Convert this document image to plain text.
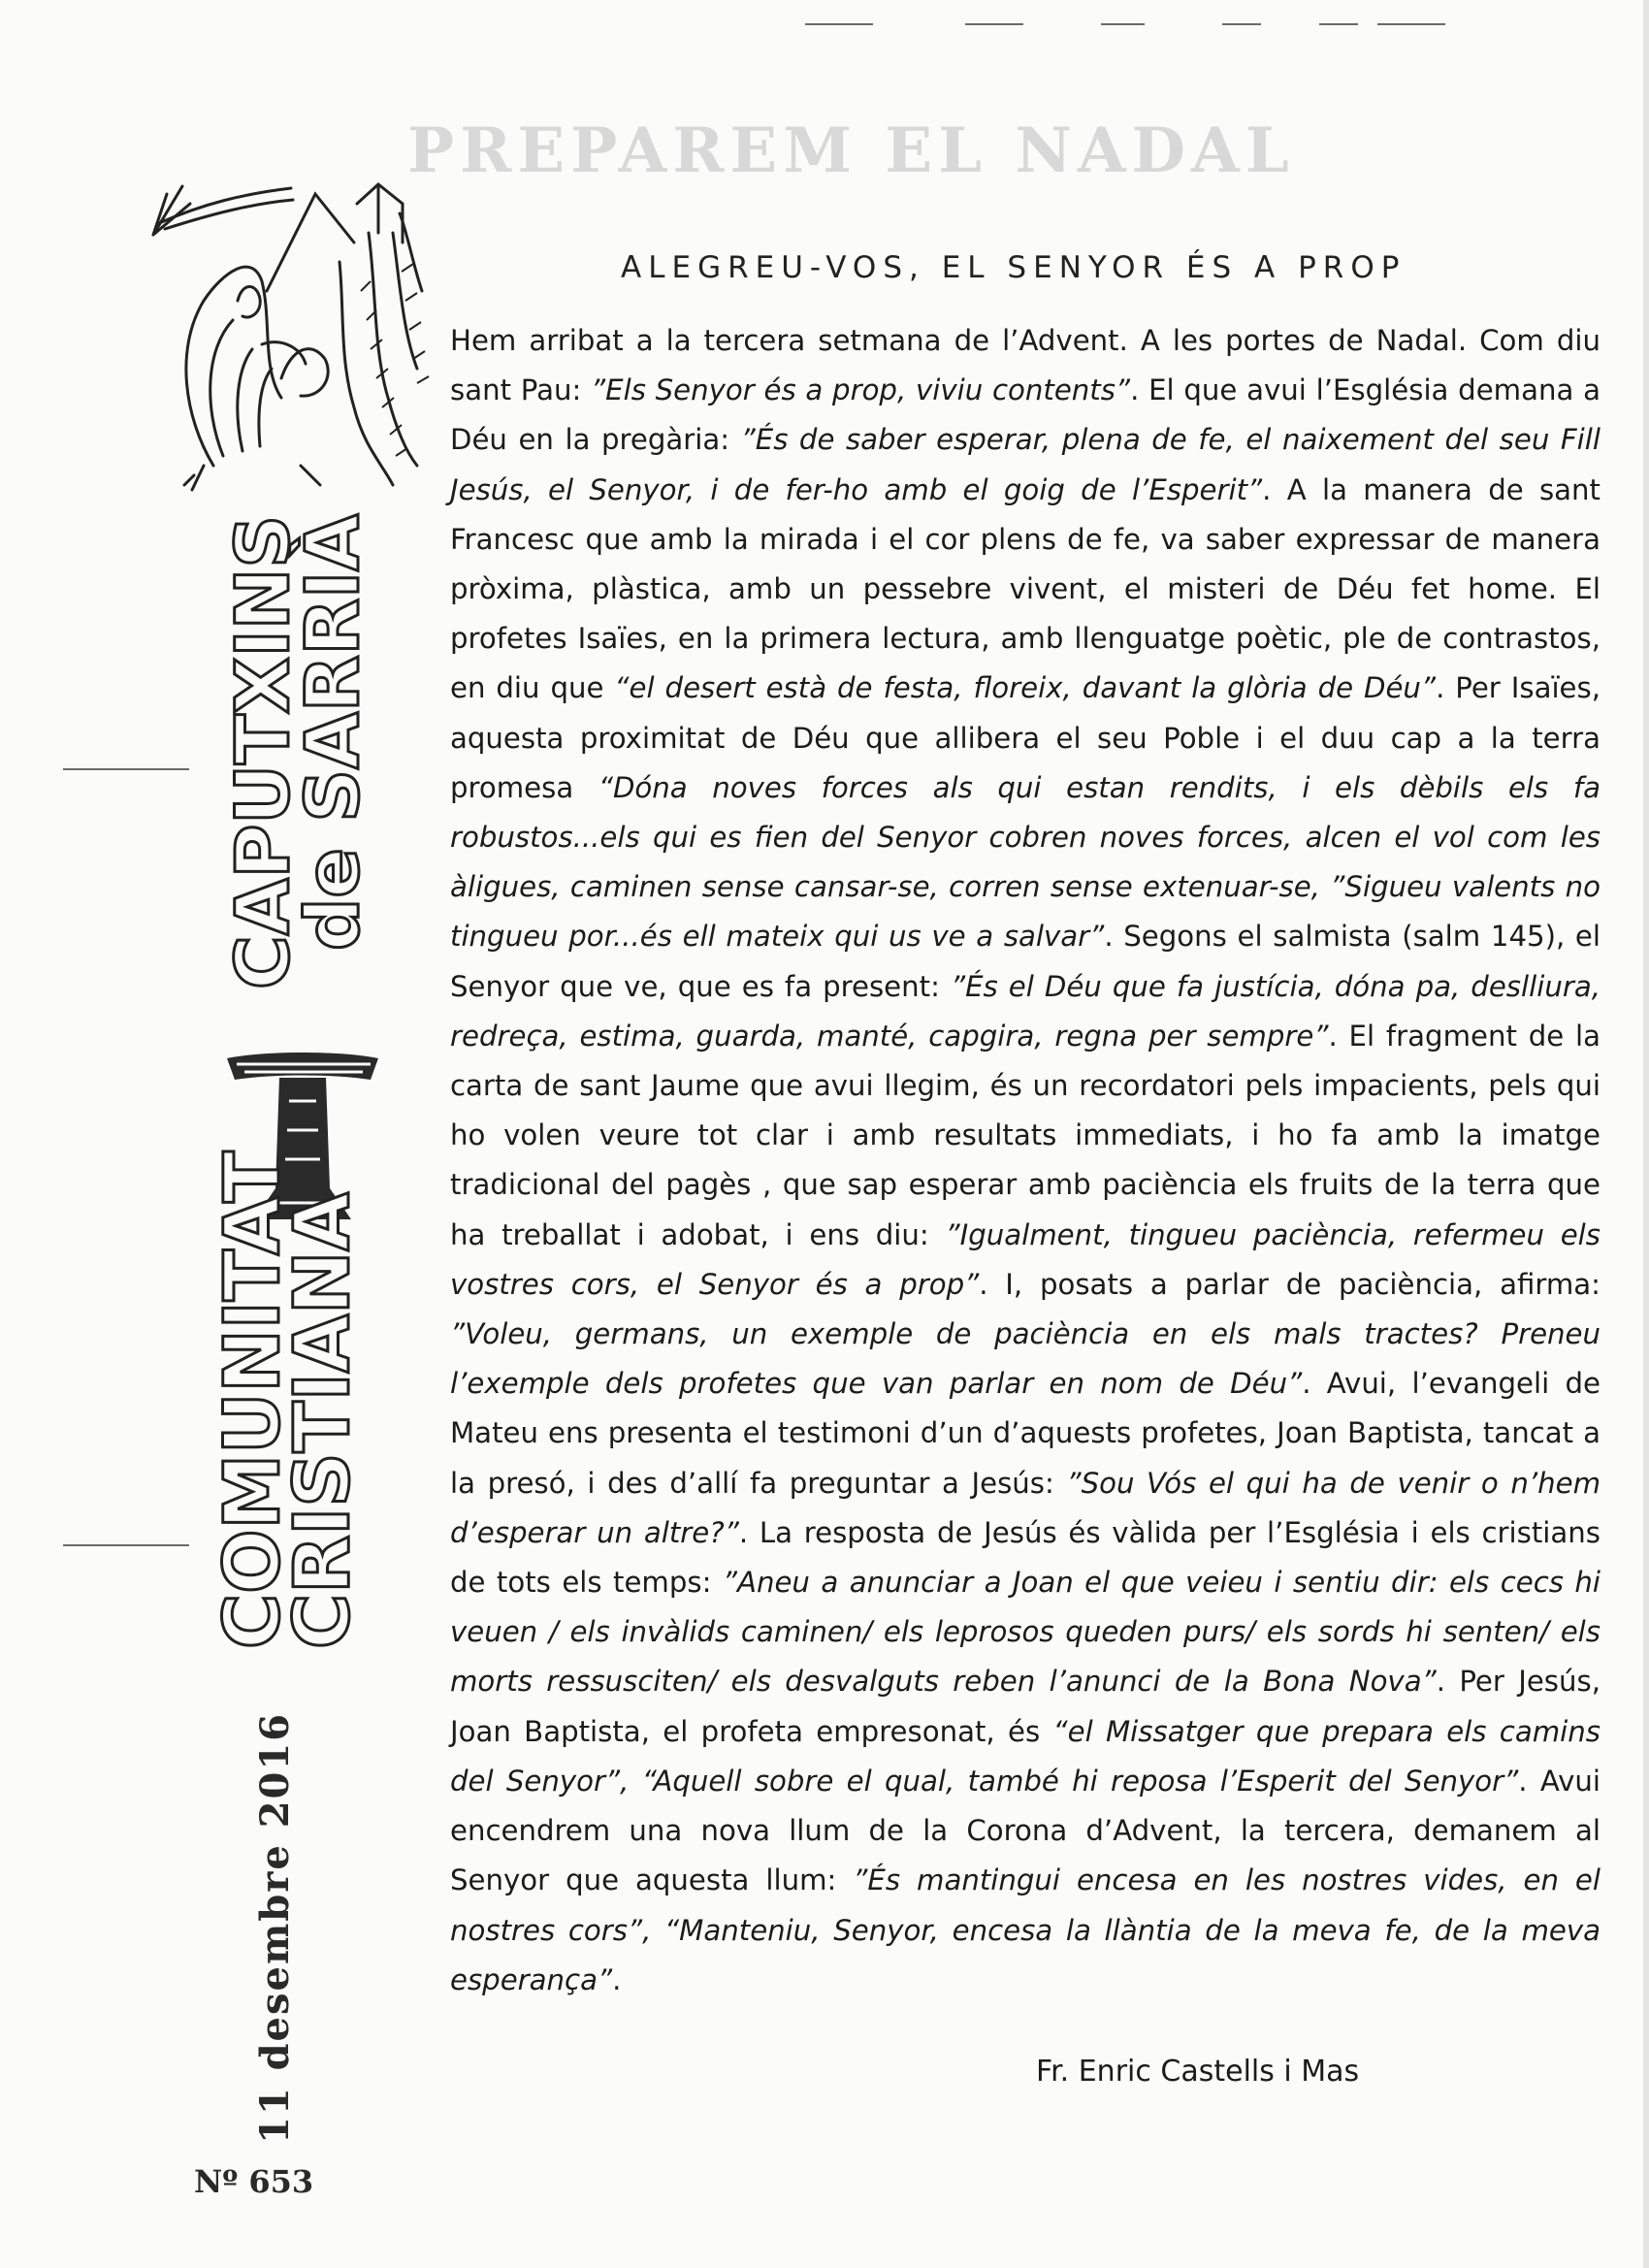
PREPAREM EL NADAL
CAPUTXINS
de SARRIÀ
COMUNITAT
CRISTIANA
11 desembre 2016
Nº 653
ALEGREU-VOS, EL SENYOR ÉS A PROP

Hem arribat a la tercera setmana de l’Advent. A les portes de Nadal. Com diu sant Pau: ”Els Senyor és a prop, viviu contents”. El que avui l’Església demana a Déu en la pregària: ”És de saber esperar, plena de fe, el naixement del seu Fill Jesús, el Senyor, i de fer-ho amb el goig de l’Esperit”. A la manera de sant Francesc que amb la mirada i el cor plens de fe, va saber expressar de manera pròxima, plàstica, amb un pessebre vivent, el misteri de Déu fet home. El profetes Isaïes, en la primera lectura, amb llenguatge poètic, ple de contrastos, en diu que “el desert està de festa, floreix, davant la glòria de Déu”. Per Isaïes, aquesta proximitat de Déu que allibera el seu Poble i el duu cap a la terra promesa “Dóna noves forces als qui estan rendits, i els dèbils els fa robustos...els qui es fien del Senyor cobren noves forces, alcen el vol com les àligues, caminen sense cansar-se, corren sense extenuar-se, ”Sigueu valents no tingueu por...és ell mateix qui us ve a salvar”. Segons el salmista (salm 145), el Senyor que ve, que es fa present: ”És el Déu que fa justícia, dóna pa, deslliura, redreça, estima, guarda, manté, capgira, regna per sempre”. El fragment de la carta de sant Jaume que avui llegim, és un recordatori pels impacients, pels qui ho volen veure tot clar i amb resultats immediats, i ho fa amb la imatge tradicional del pagès , que sap esperar amb paciència els fruits de la terra que ha treballat i adobat, i ens diu: ”Igualment, tingueu paciència, refermeu els vostres cors, el Senyor és a prop”. I, posats a parlar de paciència, afirma: ”Voleu, germans, un exemple de paciència en els mals tractes? Preneu l’exemple dels profetes que van parlar en nom de Déu”. Avui, l’evangeli de Mateu ens presenta el testimoni d’un d’aquests profetes, Joan Baptista, tancat a la presó, i des d’allí fa preguntar a Jesús: ”Sou Vós el qui ha de venir o n’hem d’esperar un altre?”. La resposta de Jesús és vàlida per l’Església i els cristians de tots els temps: ”Aneu a anunciar a Joan el que veieu i sentiu dir: els cecs hi veuen / els invàlids caminen/ els leprosos queden purs/ els sords hi senten/ els morts ressusciten/ els desvalguts reben l’anunci de la Bona Nova”. Per Jesús, Joan Baptista, el profeta empresonat, és “el Missatger que prepara els camins del Senyor”, “Aquell sobre el qual, també hi reposa l’Esperit del Senyor”. Avui encendrem una nova llum de la Corona d’Advent, la tercera, demanem al Senyor que aquesta llum: ”És mantingui encesa en les nostres vides, en el nostres cors”, “Manteniu, Senyor, encesa la llàntia de la meva fe, de la meva esperança”.

Fr. Enric Castells i Mas
